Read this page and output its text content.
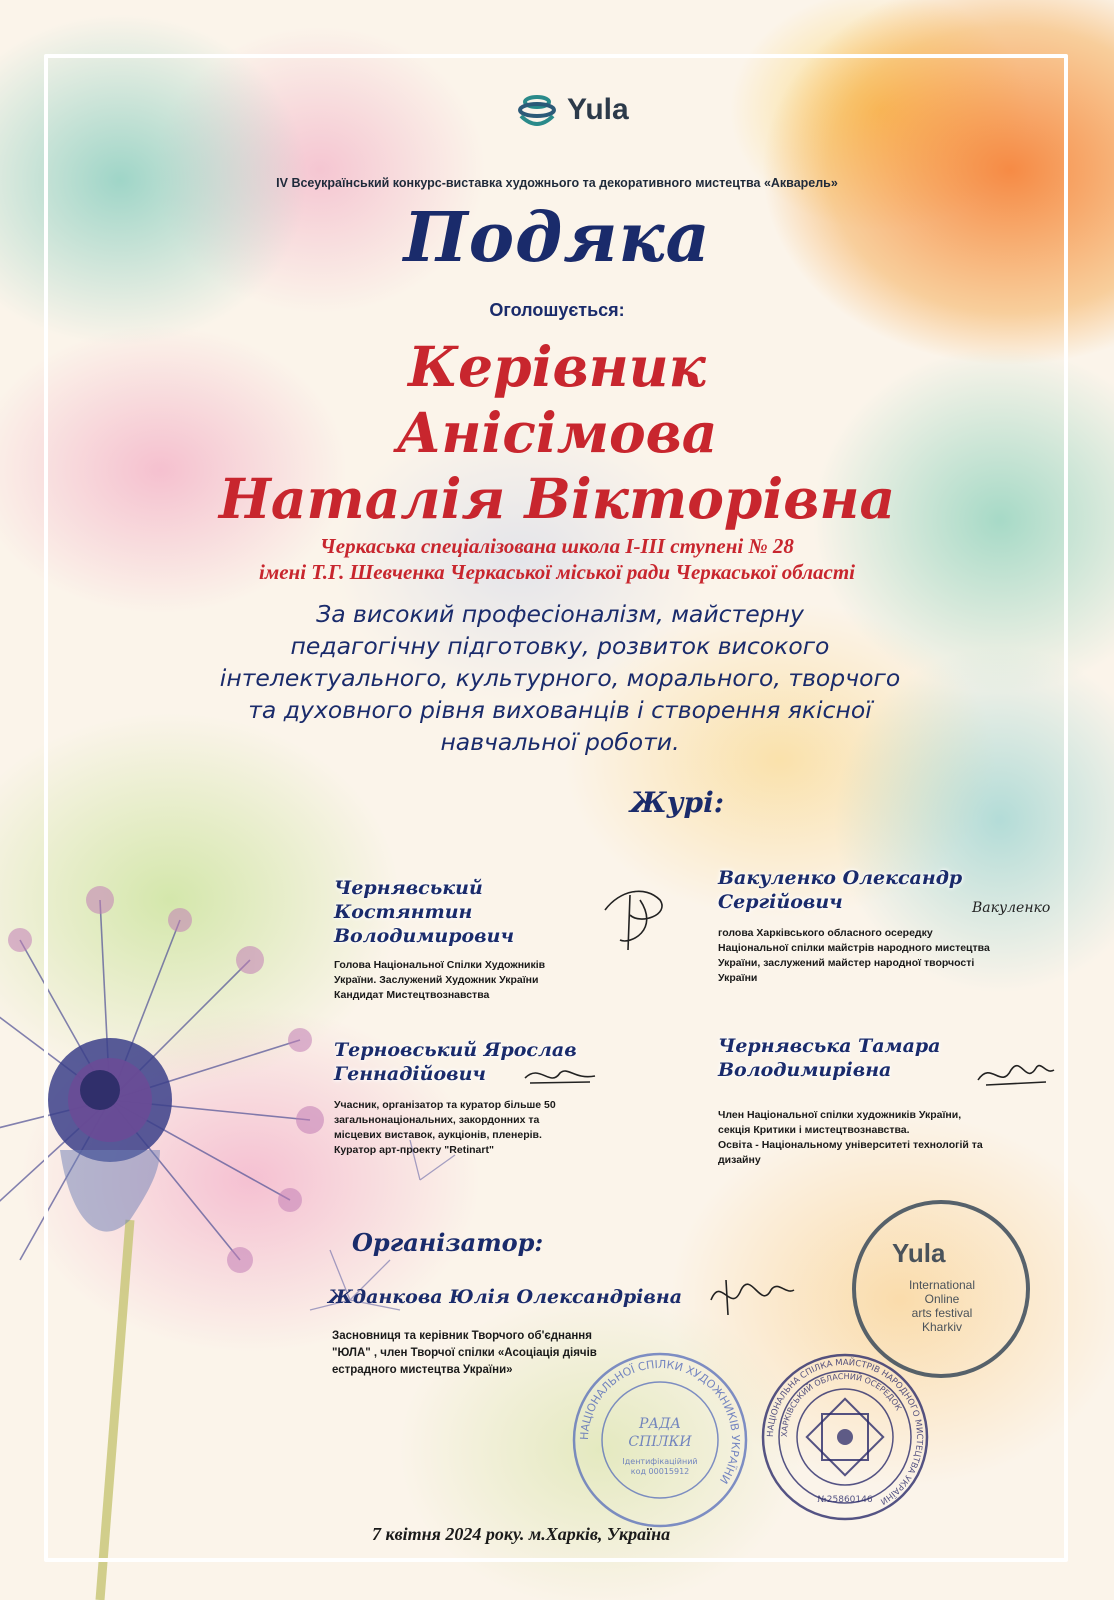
Yula
IV Всеукраїнський конкурс-виставка художнього та декоративного мистецтва «Акварель»
Подяка
Оголошується:
Керівник
Анісімова
Наталія Вікторівна
Черкаська спеціалізована школа І-ІІІ ступені № 28
імені Т.Г. Шевченка Черкаської міської ради Черкаської області
За високий професіоналізм, майстерну
педагогічну підготовку, розвиток високого
інтелектуального, культурного, морального, творчого
та духовного рівня вихованців і створення якісної
навчальної роботи.
Журі:
Чернявський Костянтин
Володимирович
Голова Національної Спілки Художників
України. Заслужений Художник України
Кандидат Мистецтвознавства
Вакуленко Олександр
Сергійович
голова Харківського обласного осередку
Національної спілки майстрів народного мистецтва
України, заслужений майстер народної творчості
України
Вакуленко
Терновський Ярослав
Геннадійович
Учасник, організатор та куратор більше 50
загальнонаціональних, закордонних та
місцевих виставок, аукціонів, пленерів.
Куратор арт-проекту "Retinart"
Чернявська Тамара
Володимирівна
Член Національної спілки художників України,
секція Критики і мистецтвознавства.
Освіта - Національному університеті технологій та
дизайну
Організатор:
Жданкова Юлія Олександрівна
Засновниця та керівник Творчого об'єднання
"ЮЛА" , член Творчої спілки «Асоціація діячів
естрадного мистецтва України»
Yula
International
Online
arts festival
Kharkiv
НАЦІОНАЛЬНОЇ СПІЛКИ ХУДОЖНИКІВ УКРАЇНИ
РАДА
СПІЛКИ
Ідентифікаційний
код 00015912
НАЦІОНАЛЬНА СПІЛКА МАЙСТРІВ НАРОДНОГО МИСТЕЦТВА УКРАЇНИ
ХАРКІВСЬКИЙ ОБЛАСНИЙ ОСЕРЕДОК
№25860146
7 квітня 2024 року. м.Харків, Україна
